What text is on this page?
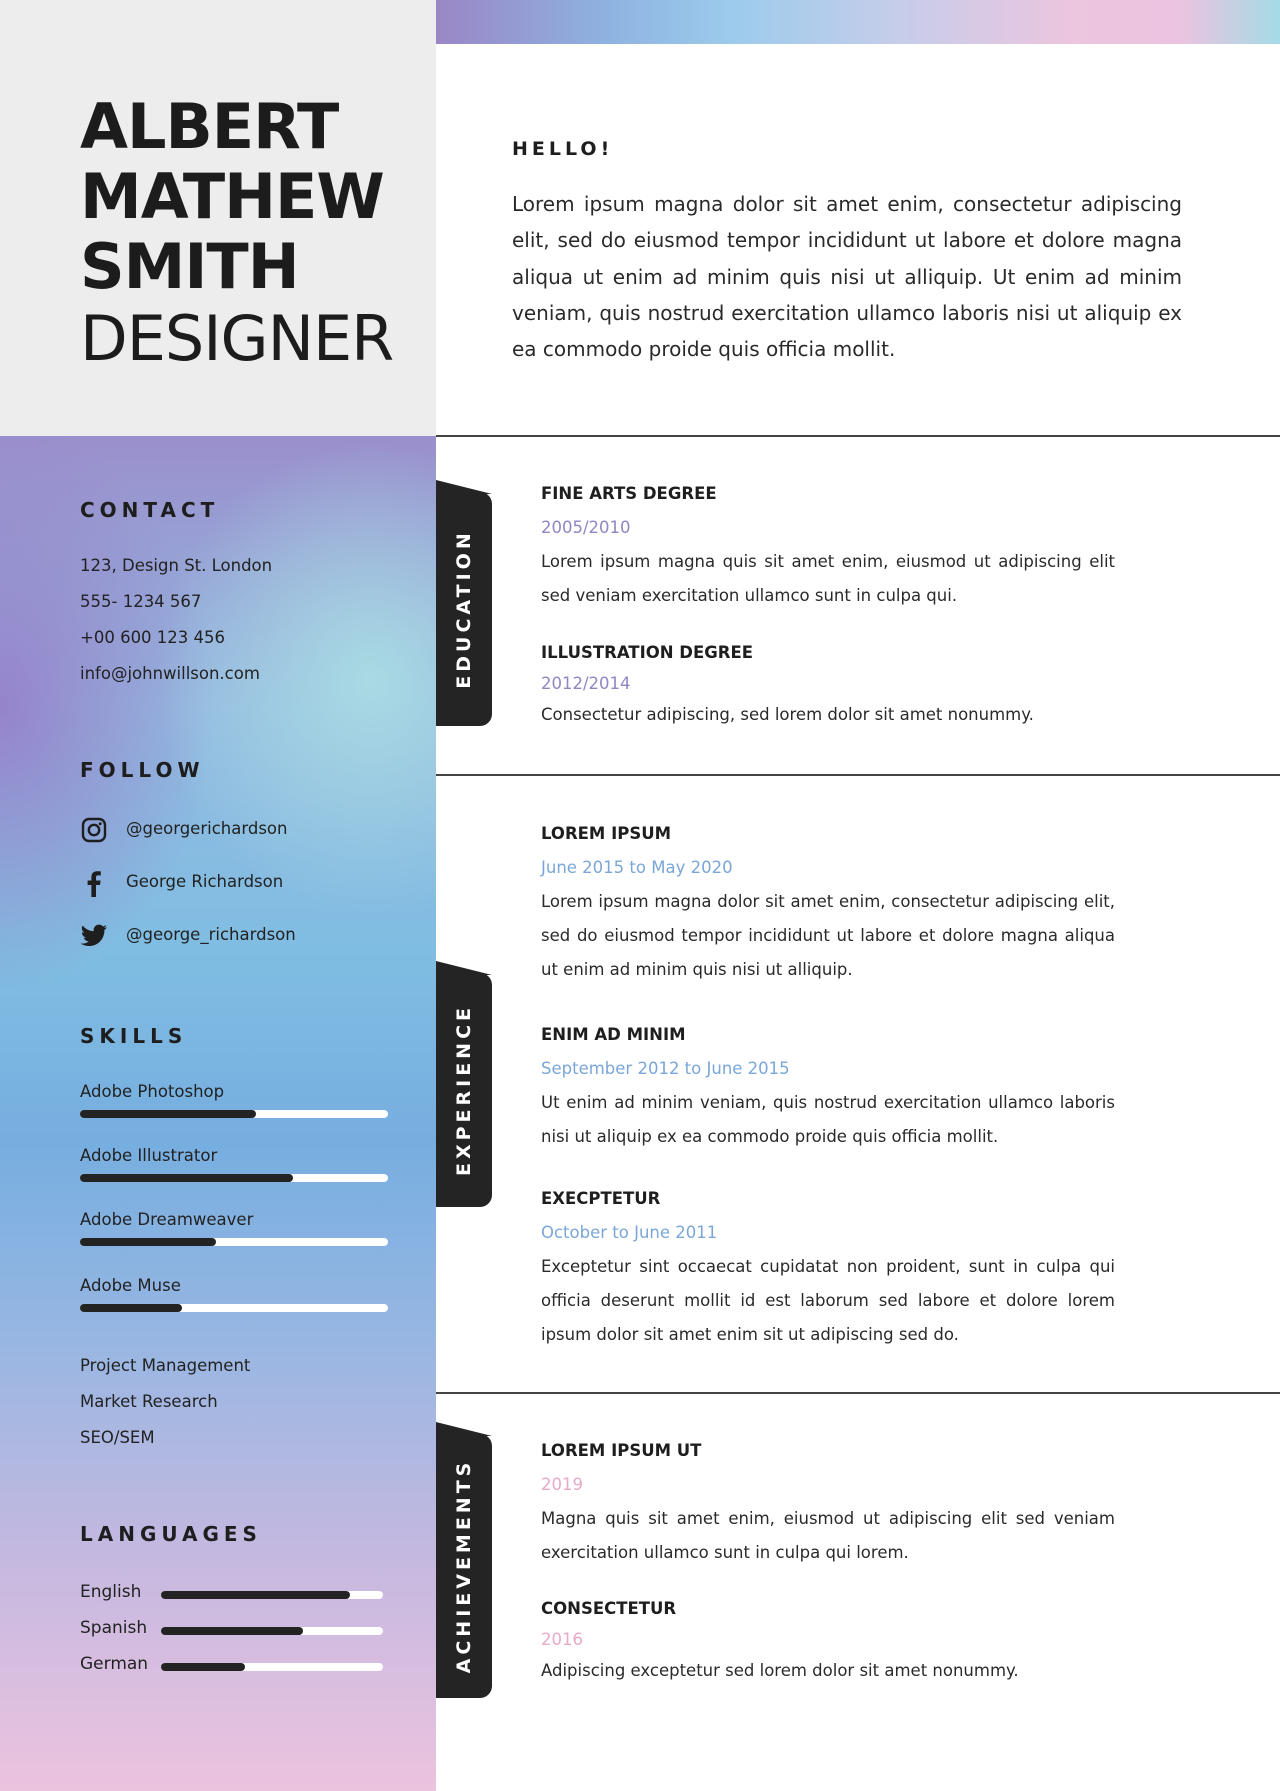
ALBERT
MATHEW
SMITH
DESIGNER
CONTACT
123, Design St. London
555- 1234 567
+00 600 123 456
info@johnwillson.com
FOLLOW
@georgerichardson
George Richardson
@george_richardson
SKILLS
Adobe Photoshop
Adobe Illustrator
Adobe Dreamweaver
Adobe Muse
Project Management
Market Research
SEO/SEM
LANGUAGES
English
Spanish
German
HELLO!
Lorem ipsum magna dolor sit amet enim, consectetur adipiscing elit, sed do eiusmod tempor incididunt ut labore et dolore magna aliqua ut enim ad minim quis nisi ut alliquip. Ut enim ad minim veniam, quis nostrud exercitation ullamco laboris nisi ut aliquip ex ea commodo proide quis officia mollit.
EDUCATION
FINE ARTS DEGREE
2005/2010
Lorem ipsum magna quis sit amet enim, eiusmod ut adipiscing elit sed veniam exercitation ullamco sunt in culpa qui.
ILLUSTRATION DEGREE
2012/2014
Consectetur adipiscing, sed lorem dolor sit amet nonummy.
EXPERIENCE
LOREM IPSUM
June 2015 to May 2020
Lorem ipsum magna dolor sit amet enim, consectetur adipiscing elit, sed do eiusmod tempor incididunt ut labore et dolore magna aliqua ut enim ad minim quis nisi ut alliquip.
ENIM AD MINIM
September 2012 to June 2015
Ut enim ad minim veniam, quis nostrud exercitation ullamco laboris nisi ut aliquip ex ea commodo proide quis officia mollit.
EXECPTETUR
October to June 2011
Exceptetur sint occaecat cupidatat non proident, sunt in culpa qui officia deserunt mollit id est laborum sed labore et dolore lorem ipsum dolor sit amet enim sit ut adipiscing sed do.
ACHIEVEMENTS
LOREM IPSUM UT
2019
Magna quis sit amet enim, eiusmod ut adipiscing elit sed veniam exercitation ullamco sunt in culpa qui lorem.
CONSECTETUR
2016
Adipiscing exceptetur sed lorem dolor sit amet nonummy.
